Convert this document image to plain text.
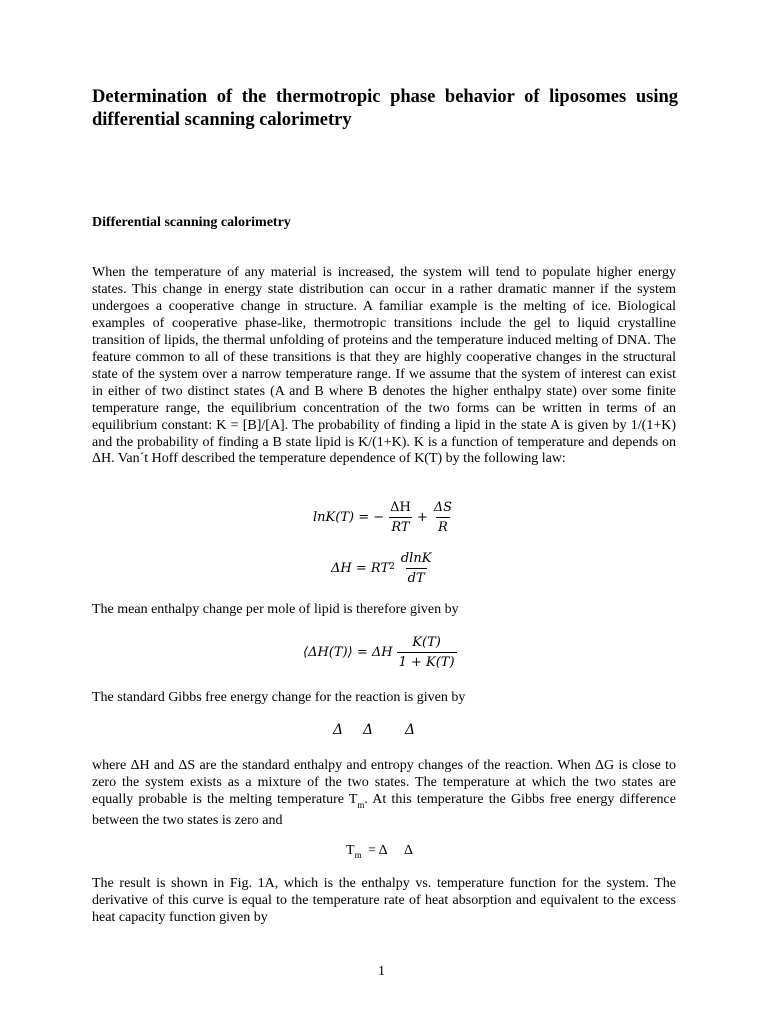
Determination of the thermotropic phase behavior of liposomes using differential scanning calorimetry
Differential scanning calorimetry
When the temperature of any material is increased, the system will tend to populate higher energy states. This change in energy state distribution can occur in a rather dramatic manner if the system undergoes a cooperative change in structure. A familiar example is the melting of ice. Biological examples of cooperative phase-like, thermotropic transitions include the gel to liquid crystalline transition of lipids, the thermal unfolding of proteins and the temperature induced melting of DNA. The feature common to all of these transitions is that they are highly cooperative changes in the structural state of the system over a narrow temperature range. If we assume that the system of interest can exist in either of two distinct states (A and B where B denotes the higher enthalpy state) over some finite temperature range, the equilibrium concentration of the two forms can be written in terms of an equilibrium constant: K = [B]/[A]. The probability of finding a lipid in the state A is given by 1/(1+K) and the probability of finding a B state lipid is K/(1+K). K is a function of temperature and depends on ΔH. Van´t Hoff described the temperature dependence of K(T) by the following law:
lnK(T) = − $\frac{\Delta H}{RT} + \frac{\Delta S}{R}$
ΔH = RT $2 \frac{dlnK}{dT}$
The mean enthalpy change per mole of lipid is therefore given by
⟨ΔH(T)⟩ = ΔH $\frac{K(T)}{1 + K(T)}$
The standard Gibbs free energy change for the reaction is given by
Δ Δ Δ
where ΔH and ΔS are the standard enthalpy and entropy changes of the reaction. When ΔG is close to zero the system exists as a mixture of the two states. The temperature at which the two states are equally probable is the melting temperature $T_m$. At this temperature the Gibbs free energy difference between the two states is zero and
$T_m = \Delta$ Δ
The result is shown in Fig. 1A, which is the enthalpy vs. temperature function for the system. The derivative of this curve is equal to the temperature rate of heat absorption and equivalent to the excess heat capacity function given by
1
